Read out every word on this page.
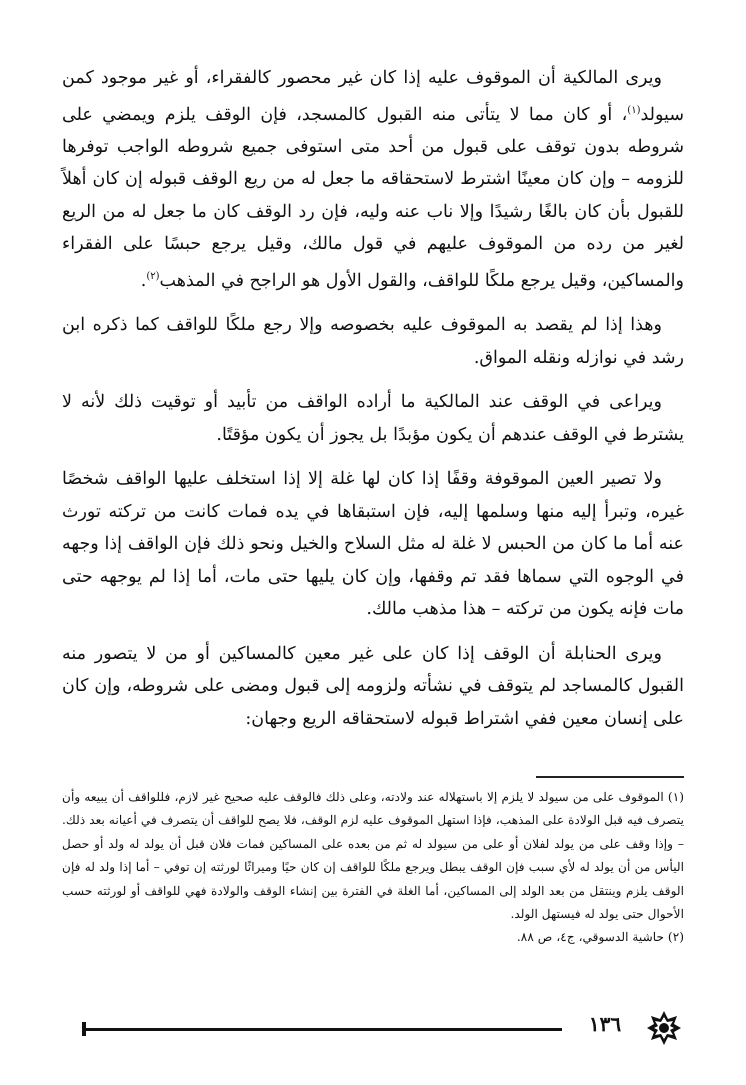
ويرى المالكية أن الموقوف عليه إذا كان غير محصور كالفقراء، أو غير موجود كمن سيولد$^{(١)}$، أو كان مما لا يتأتى منه القبول كالمسجد، فإن الوقف يلزم ويمضي على شروطه بدون توقف على قبول من أحد متى استوفى جميع شروطه الواجب توفرها للزومه – وإن كان معينًا اشترط لاستحقاقه ما جعل له من ريع الوقف قبوله إن كان أهلاً للقبول بأن كان بالغًا رشيدًا وإلا ناب عنه وليه، فإن رد الوقف كان ما جعل له من الريع لغير من رده من الموقوف عليهم في قول مالك، وقيل يرجع حبسًا على الفقراء والمساكين، وقيل يرجع ملكًا للواقف، والقول الأول هو الراجح في المذهب$^{(٢)}$.

وهذا إذا لم يقصد به الموقوف عليه بخصوصه وإلا رجع ملكًا للواقف كما ذكره ابن رشد في نوازله ونقله المواق.

ويراعى في الوقف عند المالكية ما أراده الواقف من تأبيد أو توقيت ذلك لأنه لا يشترط في الوقف عندهم أن يكون مؤبدًا بل يجوز أن يكون مؤقتًا.

ولا تصير العين الموقوفة وقفًا إذا كان لها غلة إلا إذا استخلف عليها الواقف شخصًا غيره، وتبرأ إليه منها وسلمها إليه، فإن استبقاها في يده فمات كانت من تركته تورث عنه أما ما كان من الحبس لا غلة له مثل السلاح والخيل ونحو ذلك فإن الواقف إذا وجهه في الوجوه التي سماها فقد تم وقفها، وإن كان يليها حتى مات، أما إذا لم يوجهه حتى مات فإنه يكون من تركته – هذا مذهب مالك.

ويرى الحنابلة أن الوقف إذا كان على غير معين كالمساكين أو من لا يتصور منه القبول كالمساجد لم يتوقف في نشأته ولزومه إلى قبول ومضى على شروطه، وإن كان على إنسان معين ففي اشتراط قبوله لاستحقاقه الريع وجهان:

(١) الموقوف على من سيولد لا يلزم إلا باستهلاله عند ولادته، وعلى ذلك فالوقف عليه صحيح غير لازم، فللواقف أن يبيعه وأن يتصرف فيه قبل الولادة على المذهب، فإذا استهل الموقوف عليه لزم الوقف، فلا يصح للواقف أن يتصرف في أعيانه بعد ذلك. – وإذا وقف على من يولد لفلان أو على من سيولد له ثم من بعده على المساكين فمات فلان قبل أن يولد له ولد أو حصل اليأس من أن يولد له لأي سبب فإن الوقف يبطل ويرجع ملكًا للواقف إن كان حيًا وميراثًا لورثته إن توفي – أما إذا ولد له فإن الوقف يلزم وينتقل من بعد الولد إلى المساكين، أما الغلة في الفترة بين إنشاء الوقف والولادة فهي للواقف أو لورثته حسب الأحوال حتى يولد له فيستهل الولد.

(٢) حاشية الدسوقي، ج٤، ص ٨٨.

١٣٦
